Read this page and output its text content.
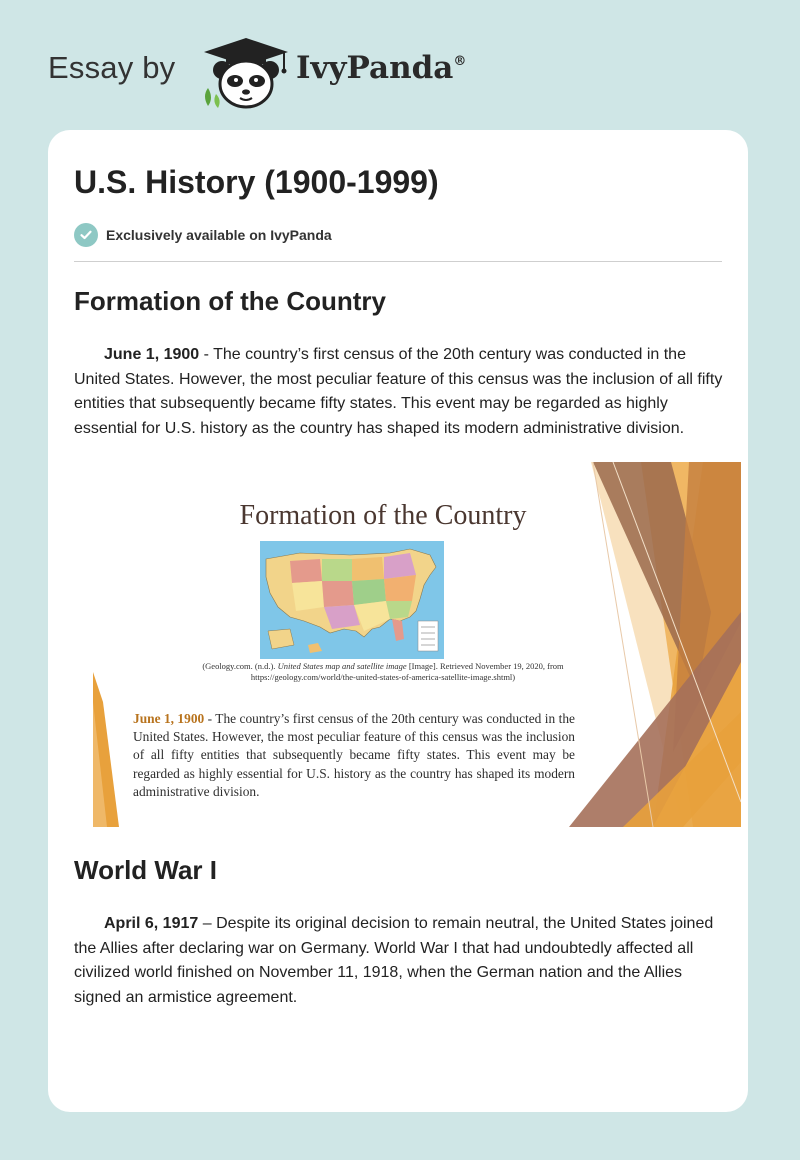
Essay by	IvyPanda®
U.S. History (1900-1999)
Exclusively available on IvyPanda
Formation of the Country

June 1, 1900 - The country’s first census of the 20th century was conducted in the United States. However, the most peculiar feature of this census was the inclusion of all fifty entities that subsequently became fifty states. This event may be regarded as highly essential for U.S. history as the country has shaped its modern administrative division.

Formation of the Country
(Geology.com. (n.d.). United States map and satellite image [Image]. Retrieved November 19, 2020, from
https://geology.com/world/the-united-states-of-america-satellite-image.shtml)

June 1, 1900 - The country’s first census of the 20th century was conducted in the United States. However, the most peculiar feature of this census was the inclusion of all fifty entities that subsequently became fifty states. This event may be regarded as highly essential for U.S. history as the country has shaped its modern administrative division.

World War I

April 6, 1917 – Despite its original decision to remain neutral, the United States joined the Allies after declaring war on Germany. World War I that had undoubtedly affected all civilized world finished on November 11, 1918, when the German nation and the Allies signed an armistice agreement.
